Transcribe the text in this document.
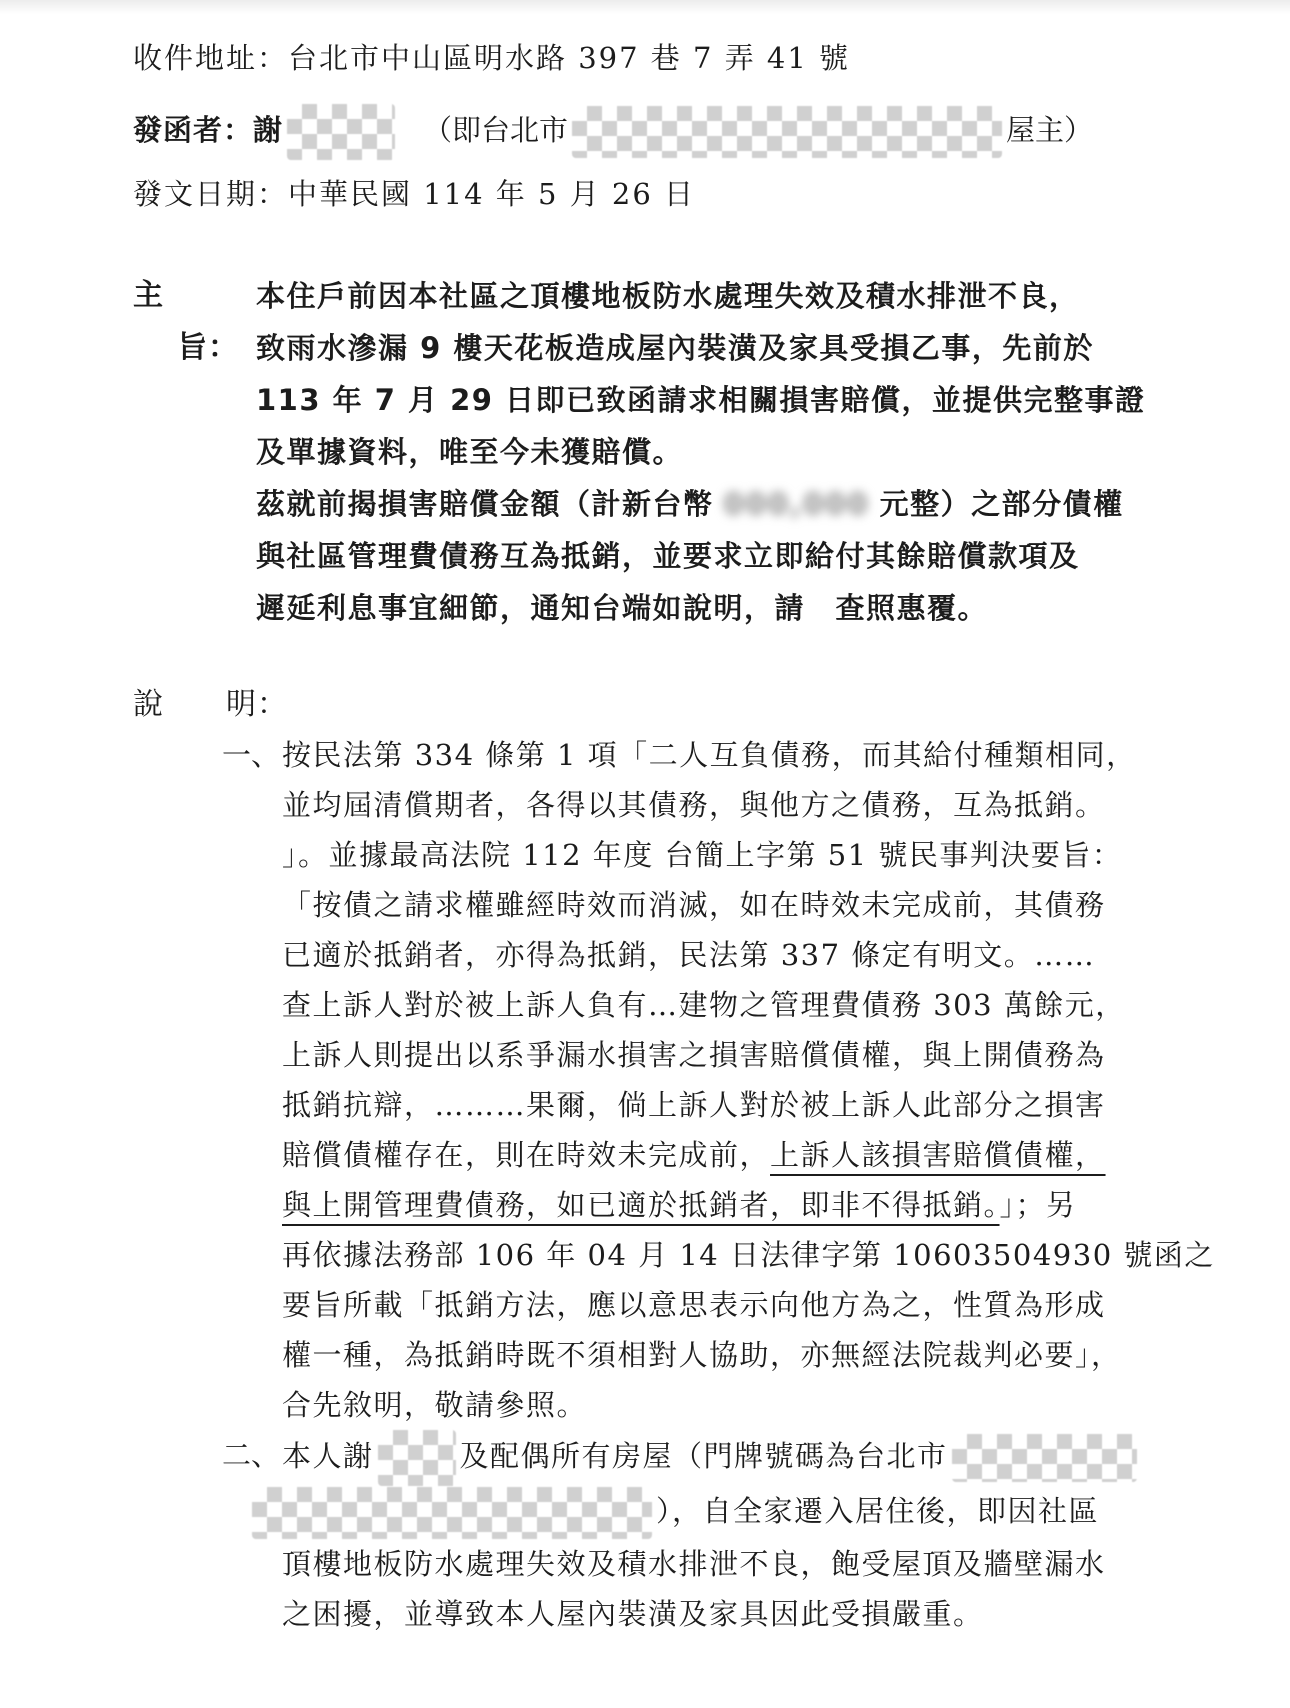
收件地址：台北市中山區明水路 397 巷 7 弄 41 號
發函者：謝	（即台北市	屋主）
發文日期：中華民國 114 年 5 月 26 日
主旨：
本住戶前因本社區之頂樓地板防水處理失效及積水排泄不良，
致雨水滲漏 9 樓天花板造成屋內裝潢及家具受損乙事，先前於
113 年 7 月 29 日即已致函請求相關損害賠償，並提供完整事證
及單據資料，唯至今未獲賠償。
茲就前揭損害賠償金額（計新台幣 000,000 元整）之部分債權
與社區管理費債務互為抵銷，並要求立即給付其餘賠償款項及
遲延利息事宜細節，通知台端如說明，請　查照惠覆。
說 明：
一、 按民法第 334 條第 1 項「二人互負債務，而其給付種類相同，
並均屆清償期者，各得以其債務，與他方之債務，互為抵銷。
」。並據最高法院 112 年度 台簡上字第 51 號民事判決要旨：
「按債之請求權雖經時效而消滅，如在時效未完成前，其債務
已適於抵銷者，亦得為抵銷，民法第 337 條定有明文。……
查上訴人對於被上訴人負有…建物之管理費債務 303 萬餘元，
上訴人則提出以系爭漏水損害之損害賠償債權，與上開債務為
抵銷抗辯，………果爾，倘上訴人對於被上訴人此部分之損害
賠償債權存在，則在時效未完成前，上訴人該損害賠償債權，
與上開管理費債務，如已適於抵銷者，即非不得抵銷。」；另
再依據法務部 106 年 04 月 14 日法律字第 10603504930 號函之
要旨所載「抵銷方法，應以意思表示向他方為之，性質為形成
權一種，為抵銷時既不須相對人協助，亦無經法院裁判必要」，
合先敘明，敬請參照。
二、 本人謝	及配偶所有房屋（門牌號碼為台北市
），自全家遷入居住後，即因社區
頂樓地板防水處理失效及積水排泄不良，飽受屋頂及牆壁漏水
之困擾，並導致本人屋內裝潢及家具因此受損嚴重。
